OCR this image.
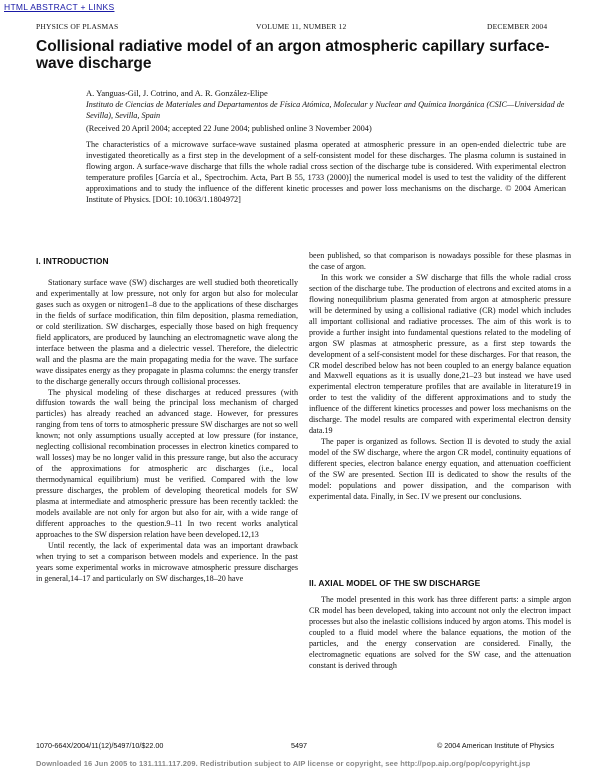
HTML ABSTRACT + LINKS
PHYSICS OF PLASMAS	VOLUME 11, NUMBER 12	DECEMBER 2004
Collisional radiative model of an argon atmospheric capillary surface-wave discharge
A. Yanguas-Gil, J. Cotrino, and A. R. González-Elipe
Instituto de Ciencias de Materiales and Departamentos de Física Atómica, Molecular y Nuclear and Química Inorgánica (CSIC—Universidad de Sevilla), Sevilla, Spain
(Received 20 April 2004; accepted 22 June 2004; published online 3 November 2004)
The characteristics of a microwave surface-wave sustained plasma operated at atmospheric pressure in an open-ended dielectric tube are investigated theoretically as a first step in the development of a self-consistent model for these discharges. The plasma column is sustained in flowing argon. A surface-wave discharge that fills the whole radial cross section of the discharge tube is considered. With experimental electron temperature profiles [García et al., Spectrochim. Acta, Part B 55, 1733 (2000)] the numerical model is used to test the validity of the different approximations and to study the influence of the different kinetic processes and power loss mechanisms on the discharge. © 2004 American Institute of Physics. [DOI: 10.1063/1.1804972]
I. INTRODUCTION

Stationary surface wave (SW) discharges are well studied both theoretically and experimentally at low pressure, not only for argon but also for molecular gases such as oxygen or nitrogen1–8 due to the applications of these discharges in the fields of surface modification, thin film deposition, plasma remediation, or cold sterilization. SW discharges, especially those based on high frequency field applicators, are produced by launching an electromagnetic wave along the interface between the plasma and a dielectric vessel. Therefore, the dielectric wall and the plasma are the main propagating media for the wave. The surface wave dissipates energy as they propagate in plasma columns: the energy transfer to the discharge generally occurs through collisional processes.

The physical modeling of these discharges at reduced pressures (with diffusion towards the wall being the principal loss mechanism of charged particles) has already reached an advanced stage. However, for pressures ranging from tens of torrs to atmospheric pressure SW discharges are not so well known; not only assumptions usually accepted at low pressure (for instance, neglecting collisional recombination processes in electron kinetics compared to wall losses) may be no longer valid in this pressure range, but also the accuracy of the approximations for atmospheric arc discharges (i.e., local thermodynamical equilibrium) must be verified. Compared with the low pressure discharges, the problem of developing theoretical models for SW plasma at intermediate and atmospheric pressure has been recently tackled: the models available are not only for argon but also for air, with a wide range of different approaches to the question.9–11 In two recent works analytical approaches to the SW dispersion relation have been developed.12,13

Until recently, the lack of experimental data was an important drawback when trying to set a comparison between models and experience. In the past years some experimental works in microwave atmospheric pressure discharges in general,14–17 and particularly on SW discharges,18–20 have

been published, so that comparison is nowadays possible for these plasmas in the case of argon.

In this work we consider a SW discharge that fills the whole radial cross section of the discharge tube. The production of electrons and excited atoms in a flowing nonequilibrium plasma generated from argon at atmospheric pressure will be determined by using a collisional radiative (CR) model which includes all important collisional and radiative processes. The aim of this work is to provide a further insight into fundamental questions related to the modeling of argon SW plasmas at atmospheric pressure, as a first step towards the development of a self-consistent model for these discharges. For that reason, the CR model described below has not been coupled to an energy balance equation and Maxwell equations as it is usually done,21–23 but instead we have used experimental electron temperature profiles that are available in literature19 in order to test the validity of the different approximations and to study the influence of the different kinetics processes and power loss mechanisms on the discharge. The model results are compared with experimental electron density data.19

The paper is organized as follows. Section II is devoted to study the axial model of the SW discharge, where the argon CR model, continuity equations of different species, electron balance energy equation, and attenuation coefficient of the SW are presented. Section III is dedicated to show the results of the model: populations and power dissipation, and the comparison with experimental data. Finally, in Sec. IV we present our conclusions.

II. AXIAL MODEL OF THE SW DISCHARGE

The model presented in this work has three different parts: a simple argon CR model has been developed, taking into account not only the electron impact processes but also the inelastic collisions induced by argon atoms. This model is coupled to a fluid model where the balance equations, the motion of the particles, and the energy conservation are considered. Finally, the electromagnetic equations are solved for the SW case, and the attenuation constant is derived through

1070-664X/2004/11(12)/5497/10/$22.00	5497	© 2004 American Institute of Physics
Downloaded 16 Jun 2005 to 131.111.117.209. Redistribution subject to AIP license or copyright, see http://pop.aip.org/pop/copyright.jsp
